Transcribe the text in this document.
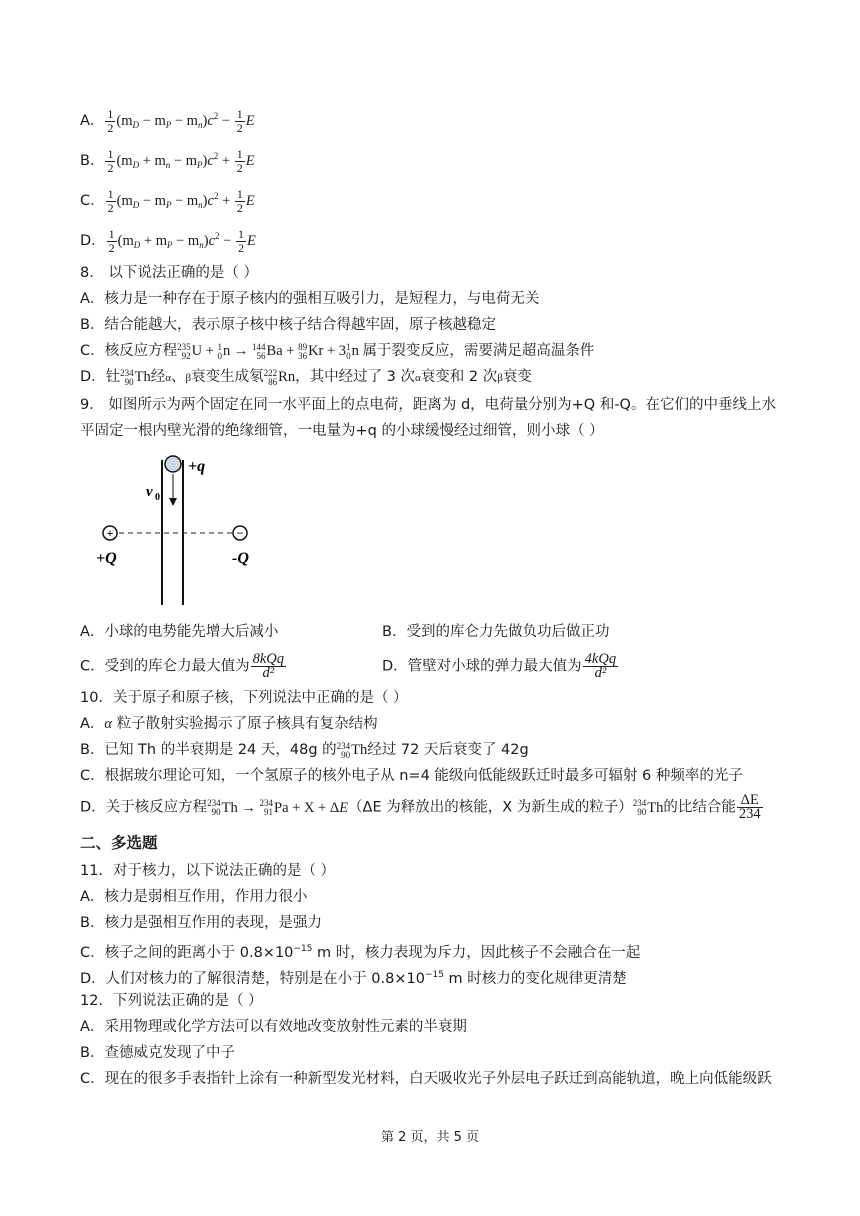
A． $\frac{1}{2} (m_D - m_P - m_n)c^2 - \frac{1}{2}$ E
B． $\frac{1}{2} (m_D + m_n - m_P)c^2 + \frac{1}{2}$ E
C． $\frac{1}{2} (m_D - m_P - m_n)c^2 + \frac{1}{2}$ E
D． $\frac{1}{2} (m_D + m_P - m_n)c^2 - \frac{1}{2}$ E
8． 以下说法正确的是（ ）
A．核力是一种存在于原子核内的强相互吸引力，是短程力，与电荷无关
B．结合能越大，表示原子核中核子结合得越牢固，原子核越稳定
C．核反应方程 235
92 U + 1
0 n → 144
56 Ba + 89
36 Kr + 3 1
0 n 属于裂变反应，需要满足超高温条件
D．钍 234
90 Th经α、β衰变生成氡 222
86 Rn，其中经过了 3 次α衰变和 2 次β衰变
9． 如图所示为两个固定在同一水平面上的点电荷，距离为 d，电荷量分别为+Q 和-Q。在它们的中垂线上水
平固定一根内壁光滑的绝缘细管，一电量为+q 的小球缓慢经过细管，则小球（ ）
+	−
+q
v 0
+Q	-Q
A．小球的电势能先增大后减小	B．受到的库仑力先做负功后做正功
C．受到的库仑力最大值为 $\frac{\text{8kQq}}{\text{d²}}$	D．管壁对小球的弹力最大值为 $\frac{\text{4kQq}}{\text{d²}}$
10．关于原子和原子核，下列说法中正确的是（ ）
A．α 粒子散射实验揭示了原子核具有复杂结构
B．已知 Th 的半衰期是 24 天，48g 的 234
90 Th经过 72 天后衰变了 42g
C．根据玻尔理论可知，一个氢原子的核外电子从 n=4 能级向低能级跃迁时最多可辐射 6 种频率的光子
D．关于核反应方程 234
90 Th → 234
91 Pa + X + ΔE（ΔE 为释放出的核能，X 为新生成的粒子） 234
90 Th的比结合能 $\frac{\Delta E}{234}$
二、多选题
11．对于核力，以下说法正确的是（ ）
A．核力是弱相互作用，作用力很小
B．核力是强相互作用的表现，是强力
C．核子之间的距离小于 $0.8\times 10^{-15}$ m 时，核力表现为斥力，因此核子不会融合在一起
D．人们对核力的了解很清楚，特别是在小于 $0.8\times 10^{-15}$ m 时核力的变化规律更清楚
12．下列说法正确的是（ ）
A．采用物理或化学方法可以有效地改变放射性元素的半衰期
B．查德威克发现了中子
C．现在的很多手表指针上涂有一种新型发光材料，白天吸收光子外层电子跃迁到高能轨道，晚上向低能级跃
第 2 页，共 5 页
